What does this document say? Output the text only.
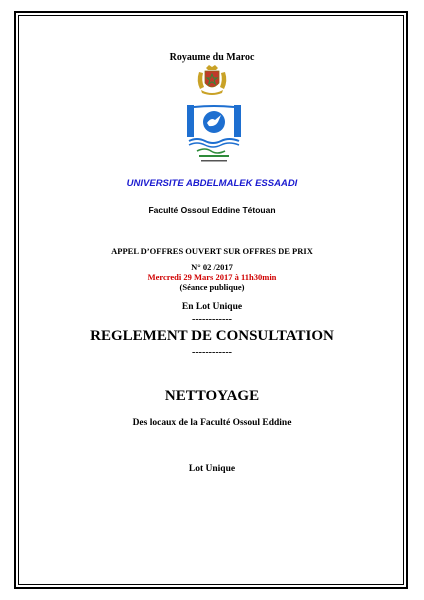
Royaume du Maroc
UNIVERSITE ABDELMALEK ESSAADI
Faculté Ossoul Eddine Tétouan
APPEL D’OFFRES OUVERT SUR OFFRES DE PRIX
N° 02 /2017
Mercredi 29 Mars 2017 à 11h30min
(Séance publique)
En Lot Unique
------------
REGLEMENT DE CONSULTATION
------------
NETTOYAGE
Des locaux de la Faculté Ossoul Eddine
Lot Unique
